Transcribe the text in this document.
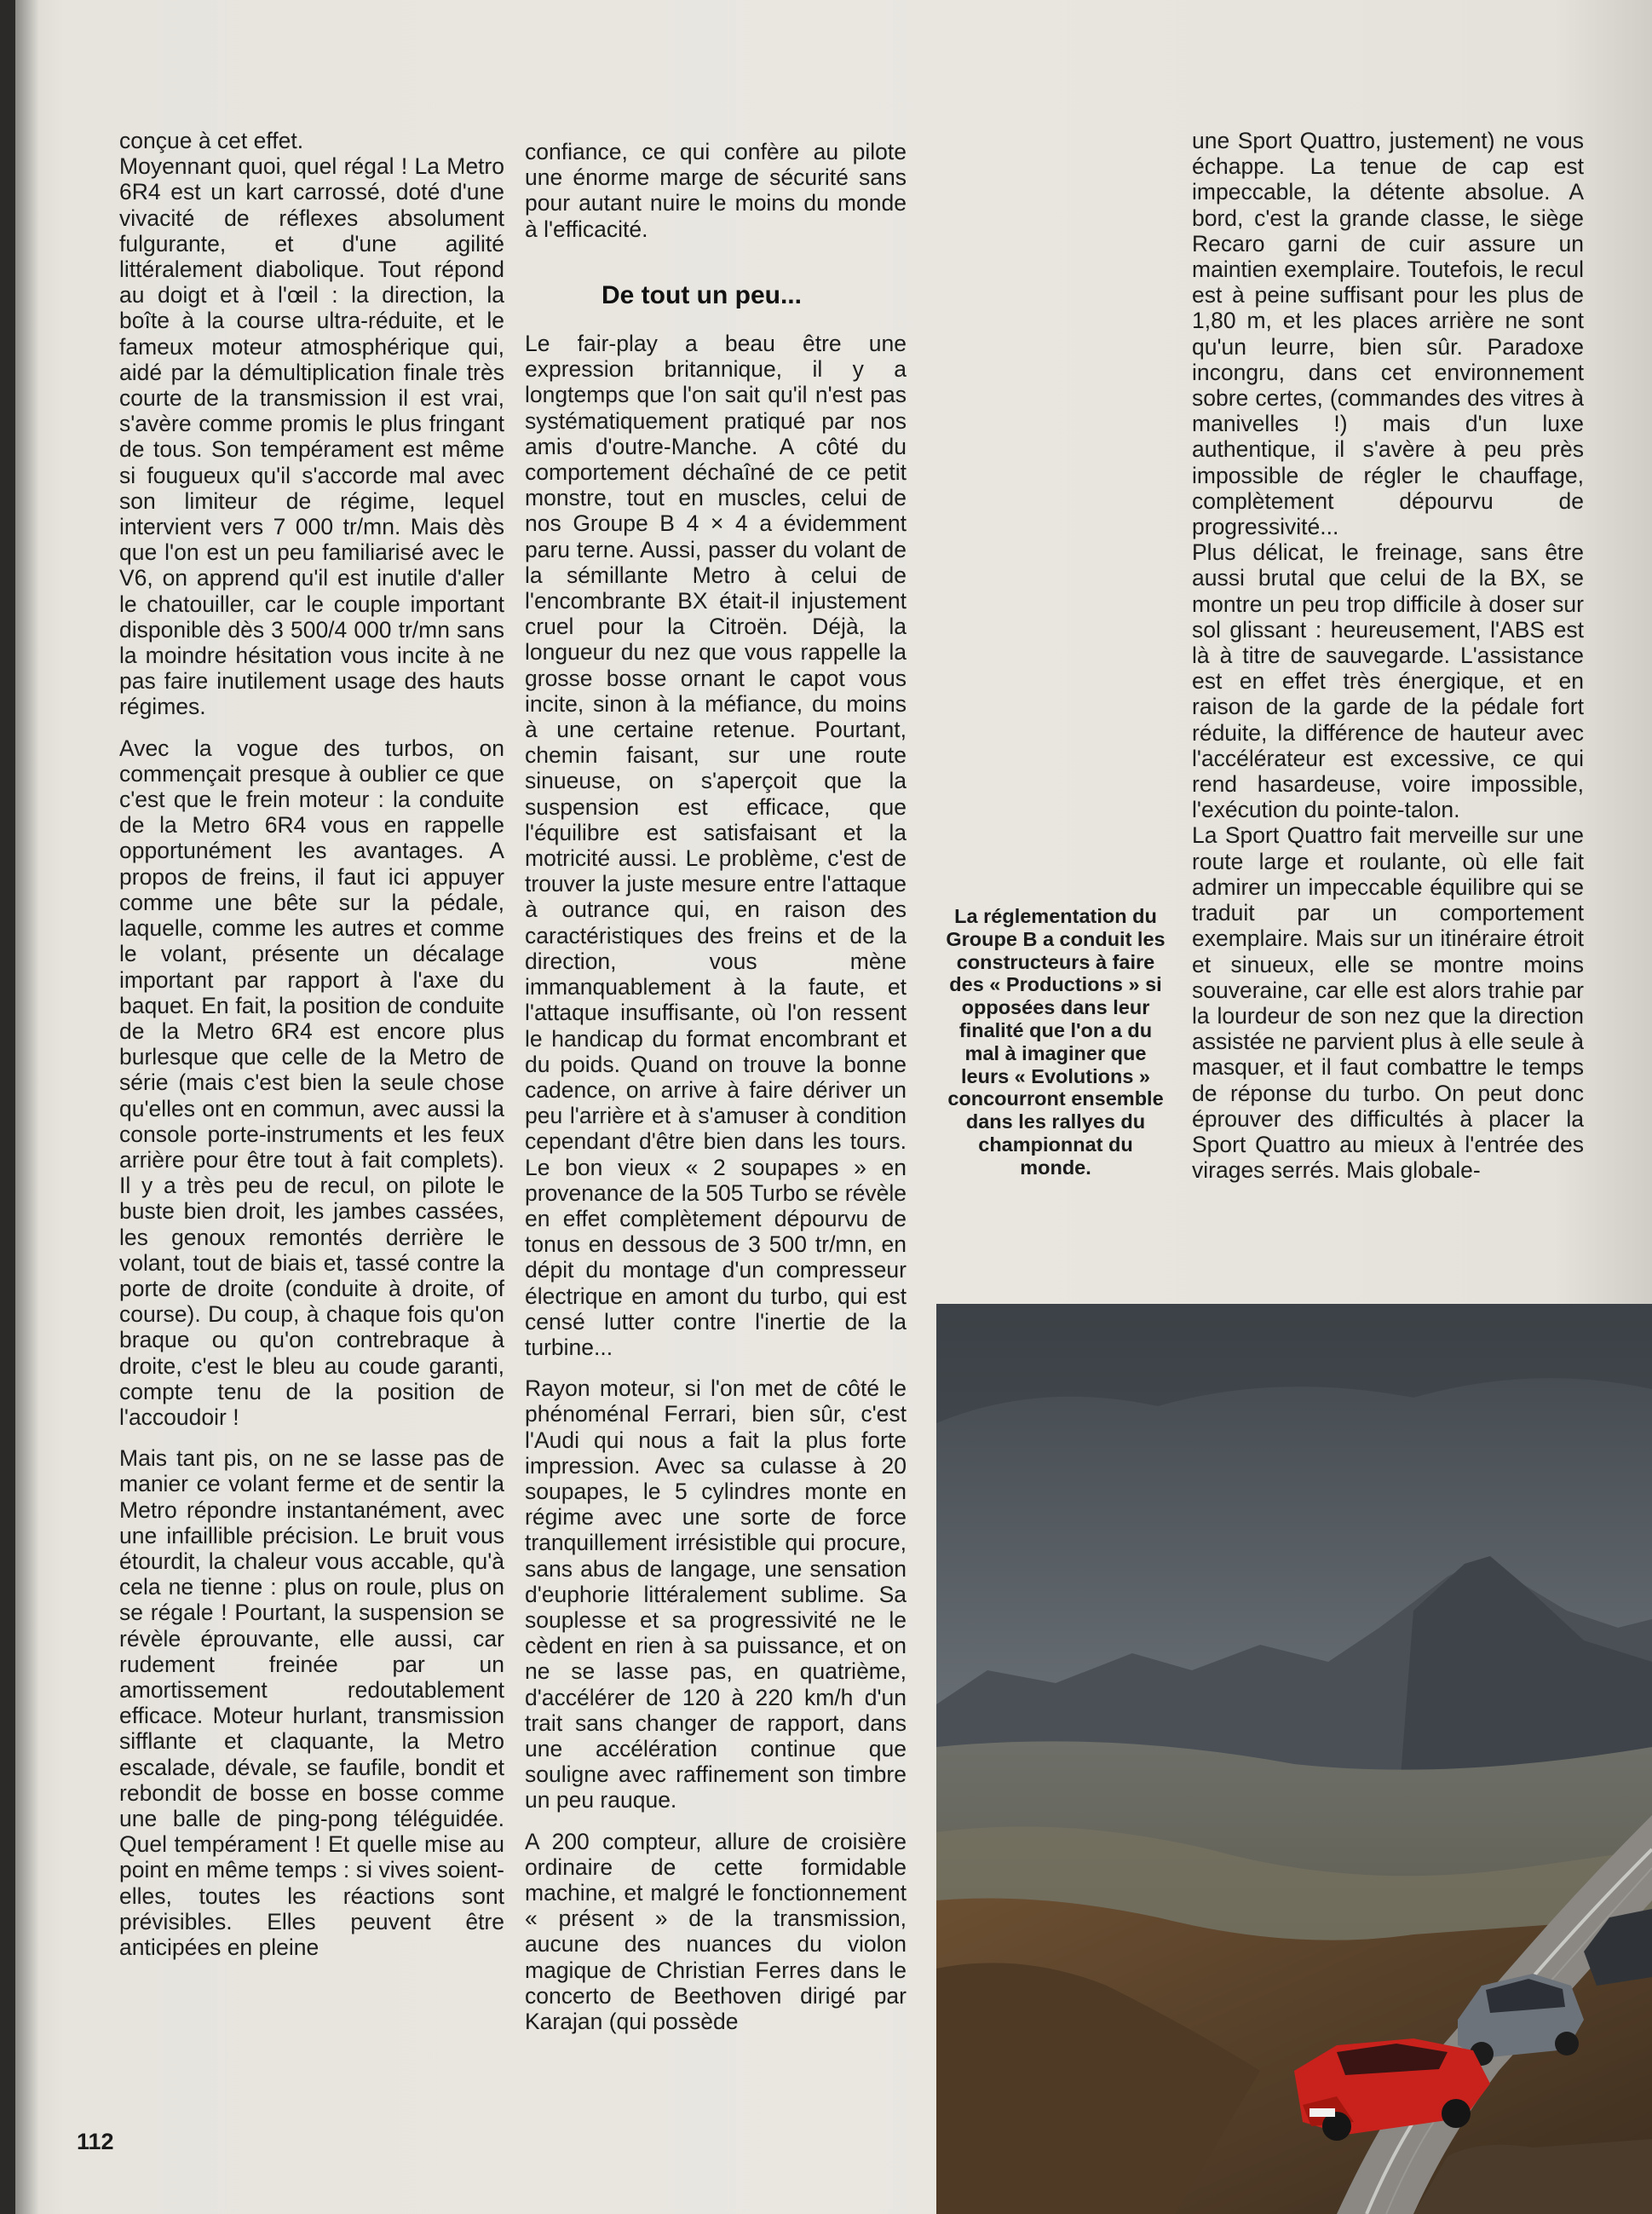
conçue à cet effet.

Moyennant quoi, quel régal ! La Metro 6R4 est un kart carrossé, doté d'une vivacité de réflexes absolument fulgurante, et d'une agilité littéralement diabolique. Tout répond au doigt et à l'œil : la direction, la boîte à la course ultra-réduite, et le fameux moteur atmosphérique qui, aidé par la démultiplication finale très courte de la transmission il est vrai, s'avère comme promis le plus fringant de tous. Son tempérament est même si fougueux qu'il s'accorde mal avec son limiteur de régime, lequel intervient vers 7 000 tr/mn. Mais dès que l'on est un peu familiarisé avec le V6, on apprend qu'il est inutile d'aller le chatouiller, car le couple important disponible dès 3 500/4 000 tr/mn sans la moindre hésitation vous incite à ne pas faire inutilement usage des hauts régimes.

Avec la vogue des turbos, on commençait presque à oublier ce que c'est que le frein moteur : la conduite de la Metro 6R4 vous en rappelle opportunément les avantages. A propos de freins, il faut ici appuyer comme une bête sur la pédale, laquelle, comme les autres et comme le volant, présente un décalage important par rapport à l'axe du baquet. En fait, la position de conduite de la Metro 6R4 est encore plus burlesque que celle de la Metro de série (mais c'est bien la seule chose qu'elles ont en commun, avec aussi la console porte-instruments et les feux arrière pour être tout à fait complets). Il y a très peu de recul, on pilote le buste bien droit, les jambes cassées, les genoux remontés derrière le volant, tout de biais et, tassé contre la porte de droite (conduite à droite, of course). Du coup, à chaque fois qu'on braque ou qu'on contrebraque à droite, c'est le bleu au coude garanti, compte tenu de la position de l'accoudoir !

Mais tant pis, on ne se lasse pas de manier ce volant ferme et de sentir la Metro répondre instantanément, avec une infaillible précision. Le bruit vous étourdit, la chaleur vous accable, qu'à cela ne tienne : plus on roule, plus on se régale ! Pourtant, la suspension se révèle éprouvante, elle aussi, car rudement freinée par un amortissement redoutablement efficace. Moteur hurlant, transmission sifflante et claquante, la Metro escalade, dévale, se faufile, bondit et rebondit de bosse en bosse comme une balle de ping-pong téléguidée. Quel tempérament ! Et quelle mise au point en même temps : si vives soient-elles, toutes les réactions sont prévisibles. Elles peuvent être anticipées en pleine

confiance, ce qui confère au pilote une énorme marge de sécurité sans pour autant nuire le moins du monde à l'efficacité.

De tout un peu...

Le fair-play a beau être une expression britannique, il y a longtemps que l'on sait qu'il n'est pas systématiquement pratiqué par nos amis d'outre-Manche. A côté du comportement déchaîné de ce petit monstre, tout en muscles, celui de nos Groupe B 4 × 4 a évidemment paru terne. Aussi, passer du volant de la sémillante Metro à celui de l'encombrante BX était-il injustement cruel pour la Citroën. Déjà, la longueur du nez que vous rappelle la grosse bosse ornant le capot vous incite, sinon à la méfiance, du moins à une certaine retenue. Pourtant, chemin faisant, sur une route sinueuse, on s'aperçoit que la suspension est efficace, que l'équilibre est satisfaisant et la motricité aussi. Le problème, c'est de trouver la juste mesure entre l'attaque à outrance qui, en raison des caractéristiques des freins et de la direction, vous mène immanquablement à la faute, et l'attaque insuffisante, où l'on ressent le handicap du format encombrant et du poids. Quand on trouve la bonne cadence, on arrive à faire dériver un peu l'arrière et à s'amuser à condition cependant d'être bien dans les tours. Le bon vieux « 2 soupapes » en provenance de la 505 Turbo se révèle en effet complètement dépourvu de tonus en dessous de 3 500 tr/mn, en dépit du montage d'un compresseur électrique en amont du turbo, qui est censé lutter contre l'inertie de la turbine...

Rayon moteur, si l'on met de côté le phénoménal Ferrari, bien sûr, c'est l'Audi qui nous a fait la plus forte impression. Avec sa culasse à 20 soupapes, le 5 cylindres monte en régime avec une sorte de force tranquillement irrésistible qui procure, sans abus de langage, une sensation d'euphorie littéralement sublime. Sa souplesse et sa progressivité ne le cèdent en rien à sa puissance, et on ne se lasse pas, en quatrième, d'accélérer de 120 à 220 km/h d'un trait sans changer de rapport, dans une accélération continue que souligne avec raffinement son timbre un peu rauque.

A 200 compteur, allure de croisière ordinaire de cette formidable machine, et malgré le fonctionnement « présent » de la transmission, aucune des nuances du violon magique de Christian Ferres dans le concerto de Beethoven dirigé par Karajan (qui possède

La réglementation du Groupe B a conduit les constructeurs à faire des « Productions » si opposées dans leur finalité que l'on a du mal à imaginer que leurs « Evolutions » concourront ensemble dans les rallyes du championnat du monde.

une Sport Quattro, justement) ne vous échappe. La tenue de cap est impeccable, la détente absolue. A bord, c'est la grande classe, le siège Recaro garni de cuir assure un maintien exemplaire. Toutefois, le recul est à peine suffisant pour les plus de 1,80 m, et les places arrière ne sont qu'un leurre, bien sûr. Paradoxe incongru, dans cet environnement sobre certes, (commandes des vitres à manivelles !) mais d'un luxe authentique, il s'avère à peu près impossible de régler le chauffage, complètement dépourvu de progressivité...

Plus délicat, le freinage, sans être aussi brutal que celui de la BX, se montre un peu trop difficile à doser sur sol glissant : heureusement, l'ABS est là à titre de sauvegarde. L'assistance est en effet très énergique, et en raison de la garde de la pédale fort réduite, la différence de hauteur avec l'accélérateur est excessive, ce qui rend hasardeuse, voire impossible, l'exécution du pointe-talon.

La Sport Quattro fait merveille sur une route large et roulante, où elle fait admirer un impeccable équilibre qui se traduit par un comportement exemplaire. Mais sur un itinéraire étroit et sinueux, elle se montre moins souveraine, car elle est alors trahie par la lourdeur de son nez que la direction assistée ne parvient plus à elle seule à masquer, et il faut combattre le temps de réponse du turbo. On peut donc éprouver des difficultés à placer la Sport Quattro au mieux à l'entrée des virages serrés. Mais globale-

112
